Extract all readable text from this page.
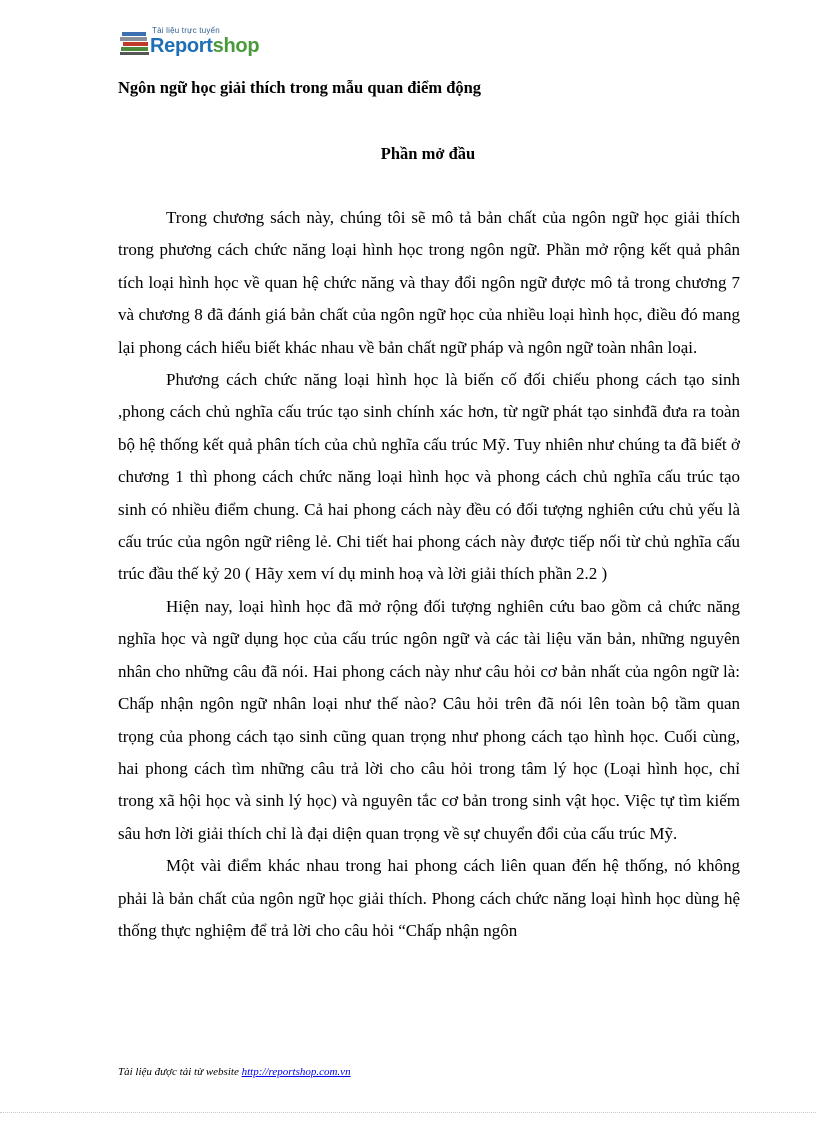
Tài liệu trực tuyến
Reportshop
Ngôn ngữ học giải thích trong mẫu quan điểm động
Phần mở đầu

Trong chương sách này, chúng tôi sẽ mô tả bản chất của ngôn ngữ học giải thích trong phương cách chức năng loại hình học trong ngôn ngữ. Phần mở rộng kết quả phân tích loại hình học về quan hệ chức năng và thay đổi ngôn ngữ được mô tả trong chương 7 và chương 8 đã đánh giá bản chất của ngôn ngữ học của nhiều loại hình học, điều đó mang lại phong cách hiểu biết khác nhau về bản chất ngữ pháp và ngôn ngữ toàn nhân loại.

Phương cách chức năng loại hình học là biến cố đối chiếu phong cách tạo sinh ,phong cách chủ nghĩa cấu trúc tạo sinh chính xác hơn, từ ngữ phát tạo sinhđã đưa ra toàn bộ hệ thống kết quả phân tích của chủ nghĩa cấu trúc Mỹ. Tuy nhiên như chúng ta đã biết ở chương 1 thì phong cách chức năng loại hình học và phong cách chủ nghĩa cấu trúc tạo sinh có nhiều điểm chung. Cả hai phong cách này đều có đối tượng nghiên cứu chủ yếu là cấu trúc của ngôn ngữ riêng lẻ. Chi tiết hai phong cách này được tiếp nối từ chủ nghĩa cấu trúc đầu thế kỷ 20 ( Hãy xem ví dụ minh hoạ và lời giải thích phần 2.2 )

Hiện nay, loại hình học đã mở rộng đối tượng nghiên cứu bao gồm cả chức năng nghĩa học và ngữ dụng học của cấu trúc ngôn ngữ và các tài liệu văn bản, những nguyên nhân cho những câu đã nói. Hai phong cách này như câu hỏi cơ bản nhất của ngôn ngữ là: Chấp nhận ngôn ngữ nhân loại như thế nào? Câu hỏi trên đã nói lên toàn bộ tầm quan trọng của phong cách tạo sinh cũng quan trọng như phong cách tạo hình học. Cuối cùng, hai phong cách tìm những câu trả lời cho câu hỏi trong tâm lý học (Loại hình học, chỉ trong xã hội học và sinh lý học) và nguyên tắc cơ bản trong sinh vật học. Việc tự tìm kiếm sâu hơn lời giải thích chỉ là đại diện quan trọng về sự chuyển đổi của cấu trúc Mỹ.

Một vài điểm khác nhau trong hai phong cách liên quan đến hệ thống, nó không phải là bản chất của ngôn ngữ học giải thích. Phong cách chức năng loại hình học dùng hệ thống thực nghiệm để trả lời cho câu hỏi “Chấp nhận ngôn

Tài liệu được tải từ website http://reportshop.com.vn
